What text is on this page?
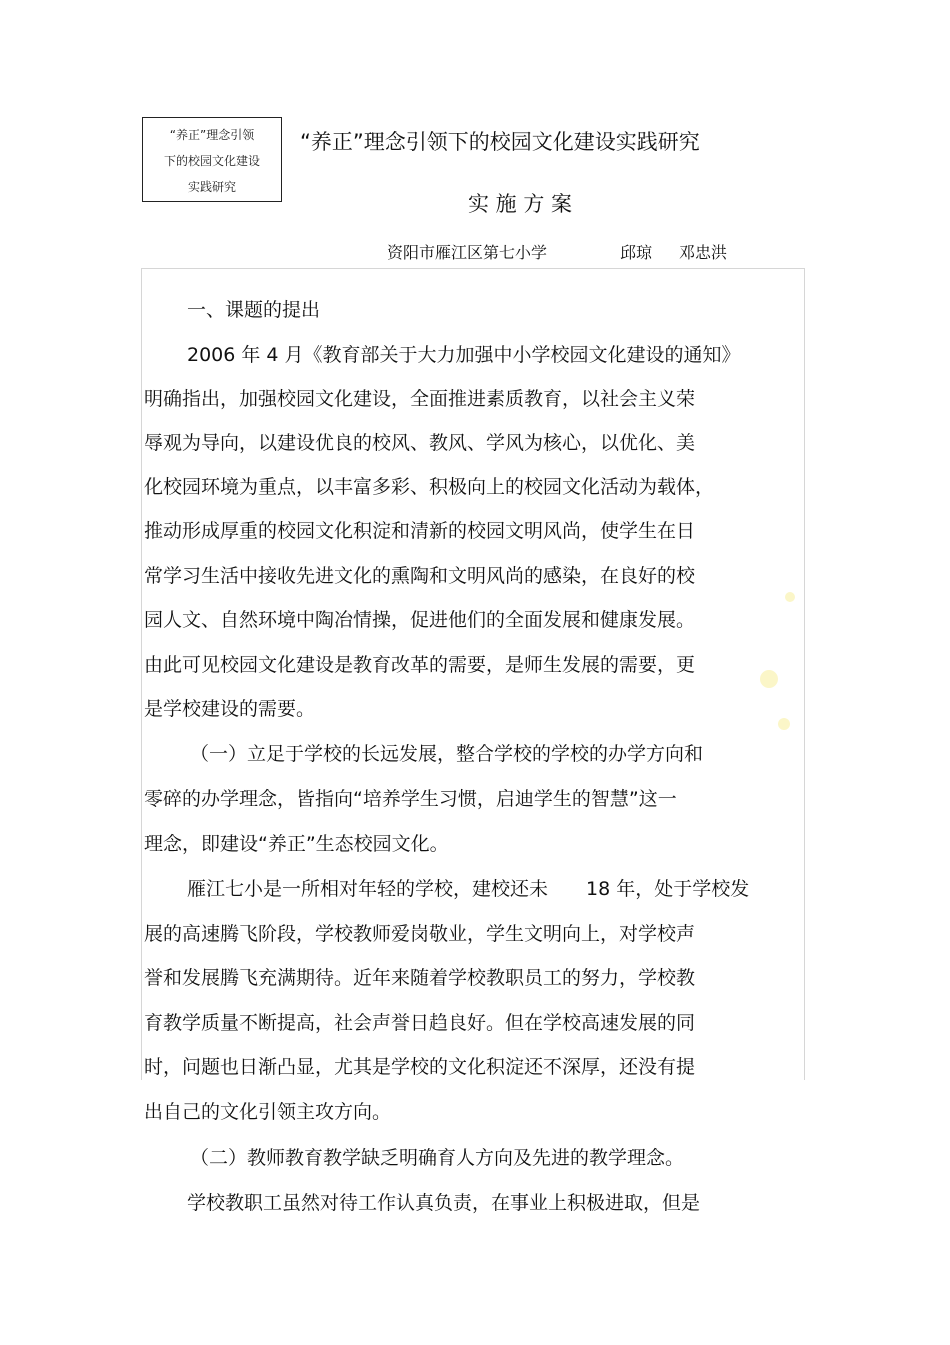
“养正”理念引领
下的校园文化建设
实践研究
“养正”理念引领下的校园文化建设实践研究
实 施 方 案
资阳市雁江区第七小学	邱琼 邓忠洪
一、课题的提出
2006 年 4 月《教育部关于大力加强中小学校园文化建设的通知》
明确指出，加强校园文化建设，全面推进素质教育，以社会主义荣
辱观为导向，以建设优良的校风、教风、学风为核心，以优化、美
化校园环境为重点，以丰富多彩、积极向上的校园文化活动为载体，
推动形成厚重的校园文化积淀和清新的校园文明风尚，使学生在日
常学习生活中接收先进文化的熏陶和文明风尚的感染，在良好的校
园人文、自然环境中陶冶情操，促进他们的全面发展和健康发展。
由此可见校园文化建设是教育改革的需要，是师生发展的需要，更
是学校建设的需要。
（一）立足于学校的长远发展，整合学校的学校的办学方向和
零碎的办学理念，皆指向“培养学生习惯，启迪学生的智慧”这一
理念，即建设“养正”生态校园文化。
雁江七小是一所相对年轻的学校，建校还未　　18 年，处于学校发
展的高速腾飞阶段，学校教师爱岗敬业，学生文明向上，对学校声
誉和发展腾飞充满期待。近年来随着学校教职员工的努力，学校教
育教学质量不断提高，社会声誉日趋良好。但在学校高速发展的同
时，问题也日渐凸显，尤其是学校的文化积淀还不深厚，还没有提
出自己的文化引领主攻方向。
（二）教师教育教学缺乏明确育人方向及先进的教学理念。
学校教职工虽然对待工作认真负责，在事业上积极进取，但是
